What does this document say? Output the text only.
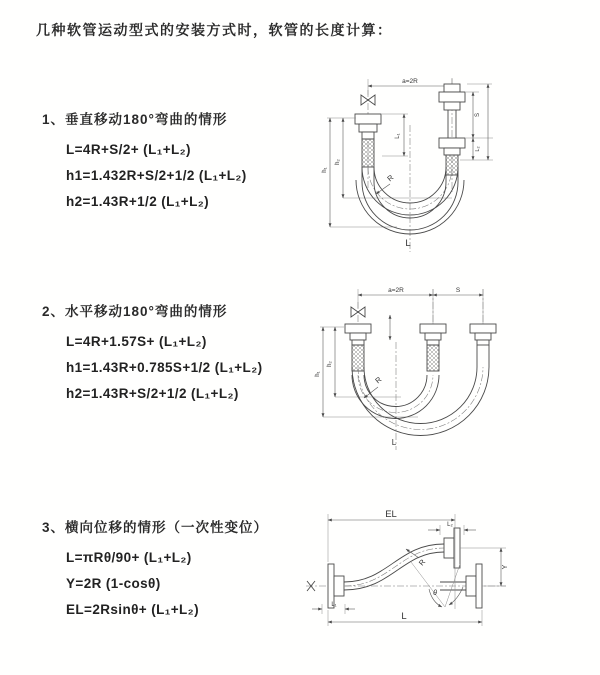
几种软管运动型式的安装方式时，软管的长度计算：
1、垂直移动180°弯曲的情形
L=4R+S/2+ (L₁+L₂)
h1=1.432R+S/2+1/2 (L₁+L₂)
h2=1.43R+1/2 (L₁+L₂)
2、水平移动180°弯曲的情形
L=4R+1.57S+ (L₁+L₂)
h1=1.43R+0.785S+1/2 (L₁+L₂)
h2=1.43R+S/2+1/2 (L₁+L₂)
3、横向位移的情形（一次性变位）
L=πRθ/90+ (L₁+L₂)
Y=2R (1-cosθ)
EL=2Rsinθ+ (L₁+L₂)
a=2R
L₁
S
L₂
h₂
h₁
R
L
a=2R	S
h₂
h₁
R
L
EL
L₂
Y
θ
R
L₁
L
